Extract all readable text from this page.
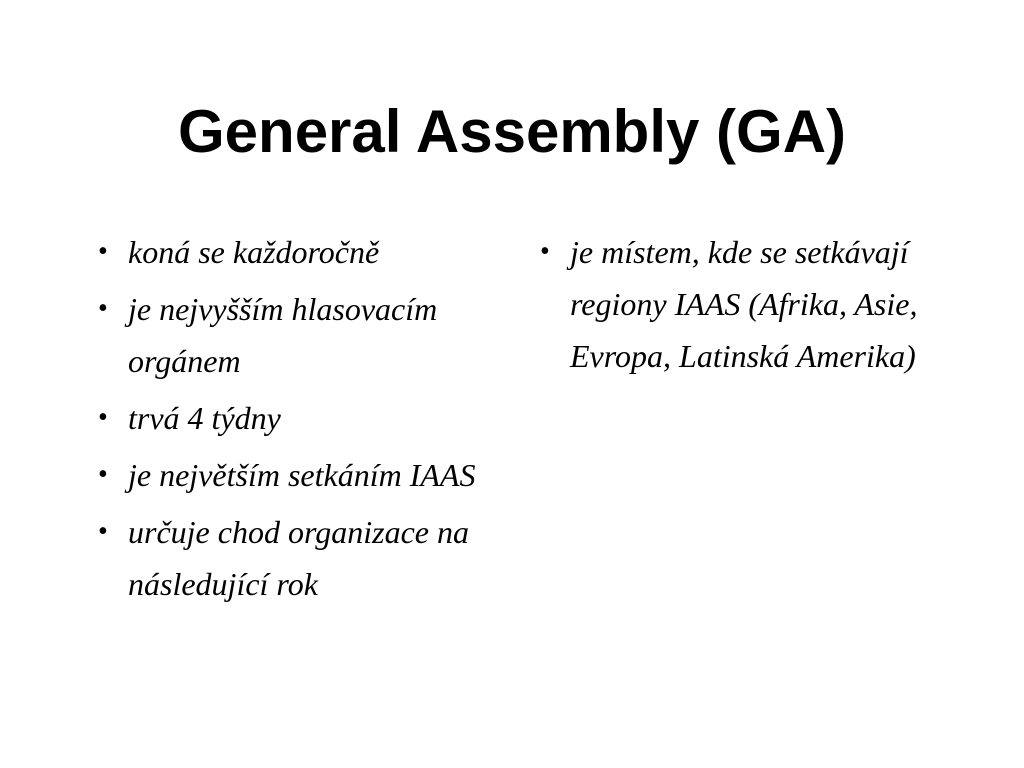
General Assembly (GA)
• koná se každoročně
• je nejvyšším hlasovacím orgánem
• trvá 4 týdny
• je největším setkáním IAAS
• určuje chod organizace na následující rok
• je místem, kde se setkávají regiony IAAS (Afrika, Asie, Evropa, Latinská Amerika)
